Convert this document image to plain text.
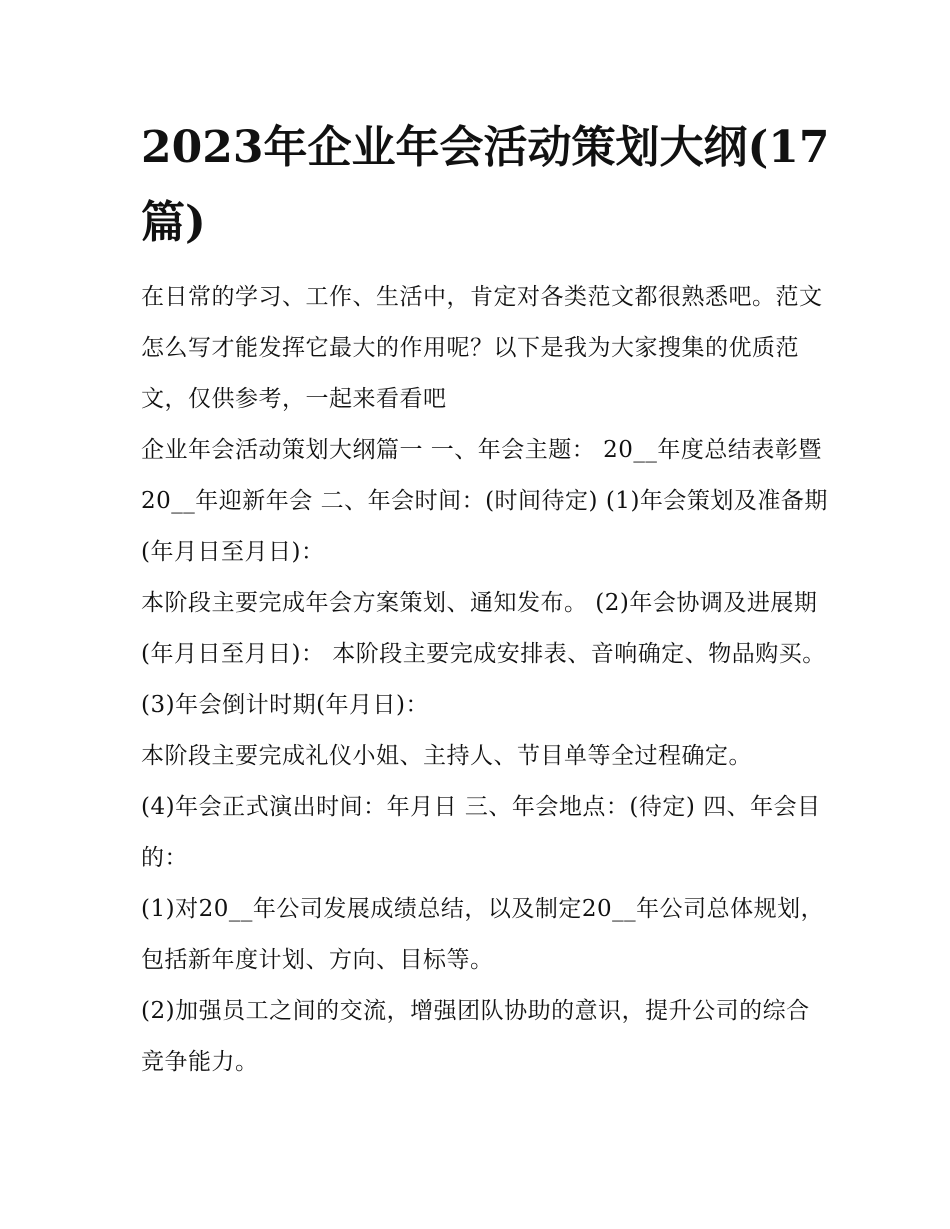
2023年企业年会活动策划大纲(17篇)

在日常的学习、工作、生活中，肯定对各类范文都很熟悉吧。范文怎么写才能发挥它最大的作用呢？以下是我为大家搜集的优质范文，仅供参考，一起来看看吧

企业年会活动策划大纲篇一 一、年会主题： 20__年度总结表彰暨20__年迎新年会 二、年会时间：(时间待定) (1)年会策划及准备期(年月日至月日)：

本阶段主要完成年会方案策划、通知发布。 (2)年会协调及进展期(年月日至月日)： 本阶段主要完成安排表、音响确定、物品购买。 (3)年会倒计时期(年月日)：

本阶段主要完成礼仪小姐、主持人、节目单等全过程确定。

(4)年会正式演出时间：年月日 三、年会地点：(待定) 四、年会目的：

(1)对20__年公司发展成绩总结，以及制定20__年公司总体规划，包括新年度计划、方向、目标等。

(2)加强员工之间的交流，增强团队协助的意识，提升公司的综合竞争能力。
